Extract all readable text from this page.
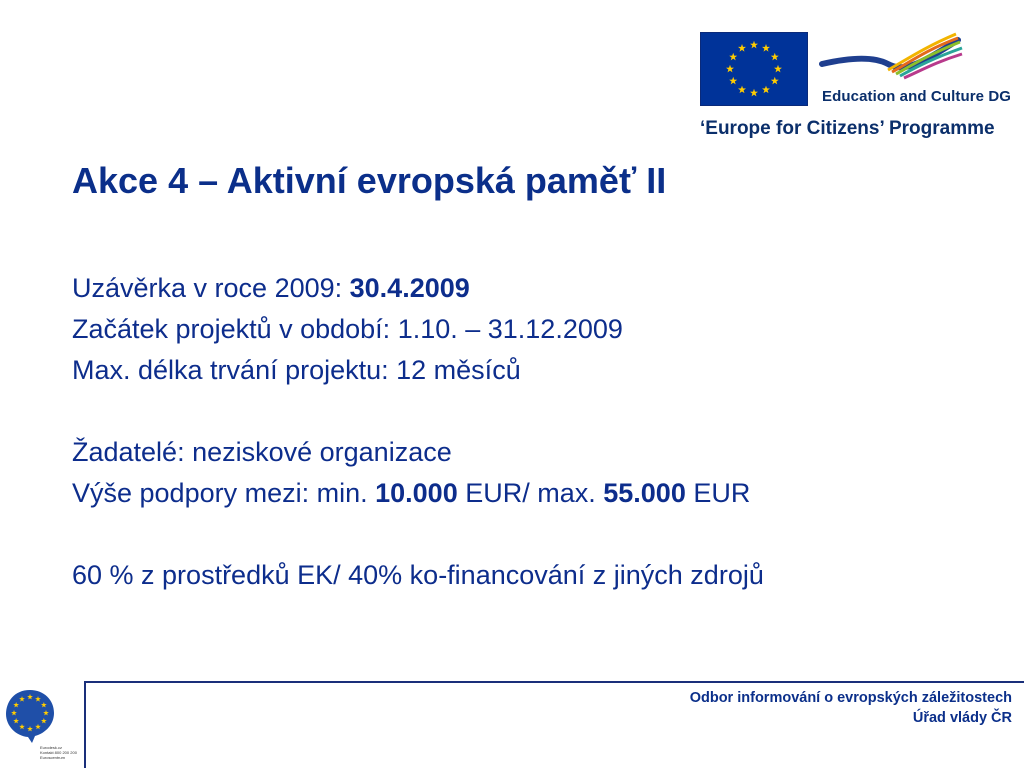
Education and Culture DG
‘Europe for Citizens’ Programme
Akce 4 – Aktivní evropská paměť II
Uzávěrka v roce 2009: 30.4.2009
Začátek projektů v období: 1.10. – 31.12.2009
Max. délka trvání projektu: 12 měsíců
Žadatelé: neziskové organizace
Výše podpory mezi: min. 10.000 EUR/ max. 55.000 EUR
60 % z prostředků EK/ 40% ko-financování z jiných zdrojů
Eurodesk.cz
Kontakt 800 200 200
Euroscentrum
Odbor informování o evropských záležitostech
Úřad vlády ČR
